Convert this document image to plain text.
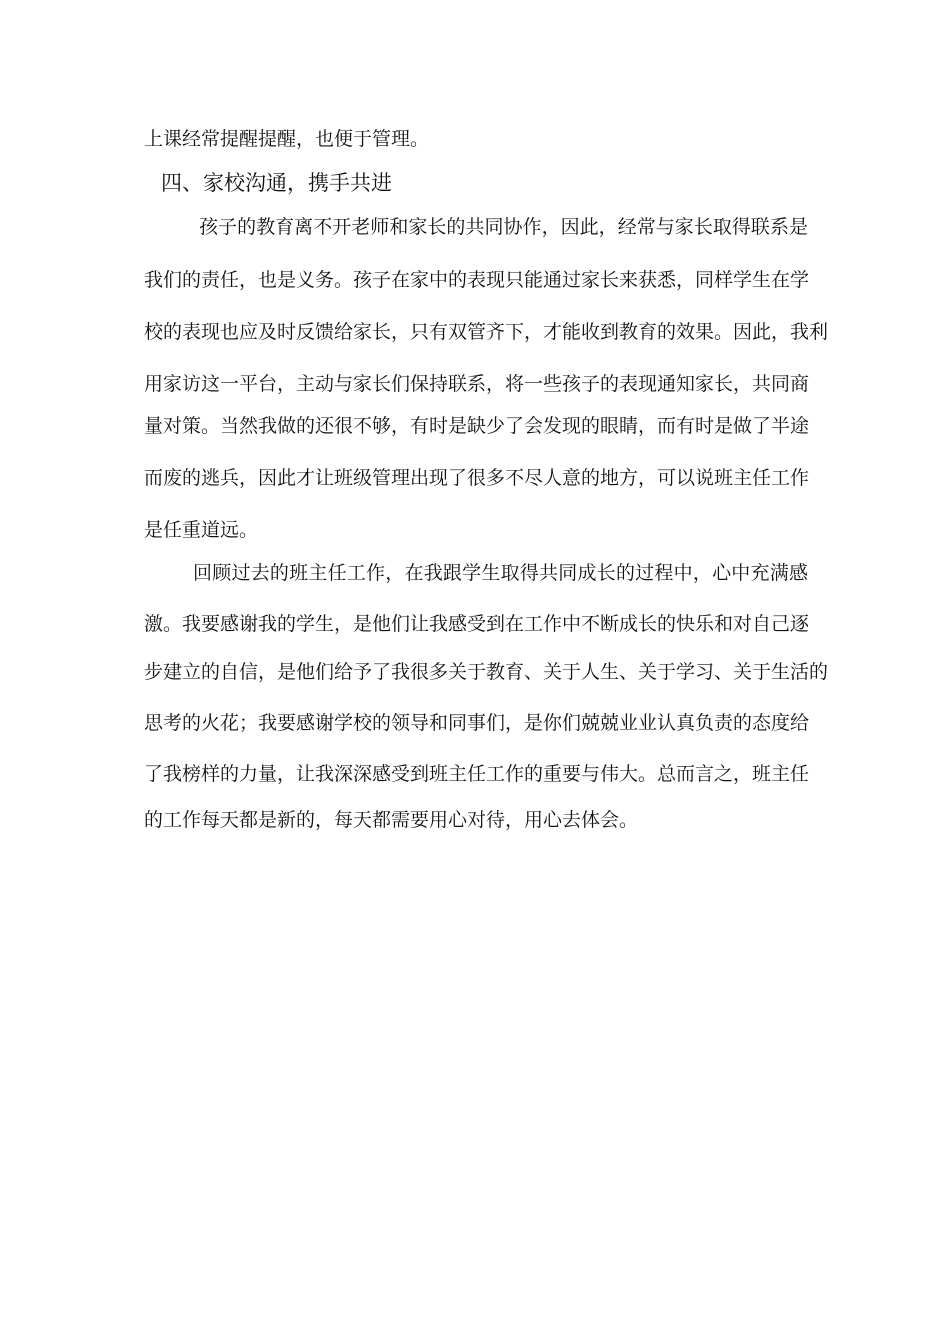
上课经常提醒提醒，也便于管理。
四、家校沟通，携手共进
孩子的教育离不开老师和家长的共同协作，因此，经常与家长取得联系是
我们的责任，也是义务。孩子在家中的表现只能通过家长来获悉，同样学生在学
校的表现也应及时反馈给家长，只有双管齐下，才能收到教育的效果。因此，我利
用家访这一平台，主动与家长们保持联系，将一些孩子的表现通知家长，共同商
量对策。当然我做的还很不够，有时是缺少了会发现的眼睛，而有时是做了半途
而废的逃兵，因此才让班级管理出现了很多不尽人意的地方，可以说班主任工作
是任重道远。
回顾过去的班主任工作，在我跟学生取得共同成长的过程中，心中充满感
激。我要感谢我的学生，是他们让我感受到在工作中不断成长的快乐和对自己逐
步建立的自信，是他们给予了我很多关于教育、关于人生、关于学习、关于生活的
思考的火花；我要感谢学校的领导和同事们，是你们兢兢业业认真负责的态度给
了我榜样的力量，让我深深感受到班主任工作的重要与伟大。总而言之，班主任
的工作每天都是新的，每天都需要用心对待，用心去体会。
